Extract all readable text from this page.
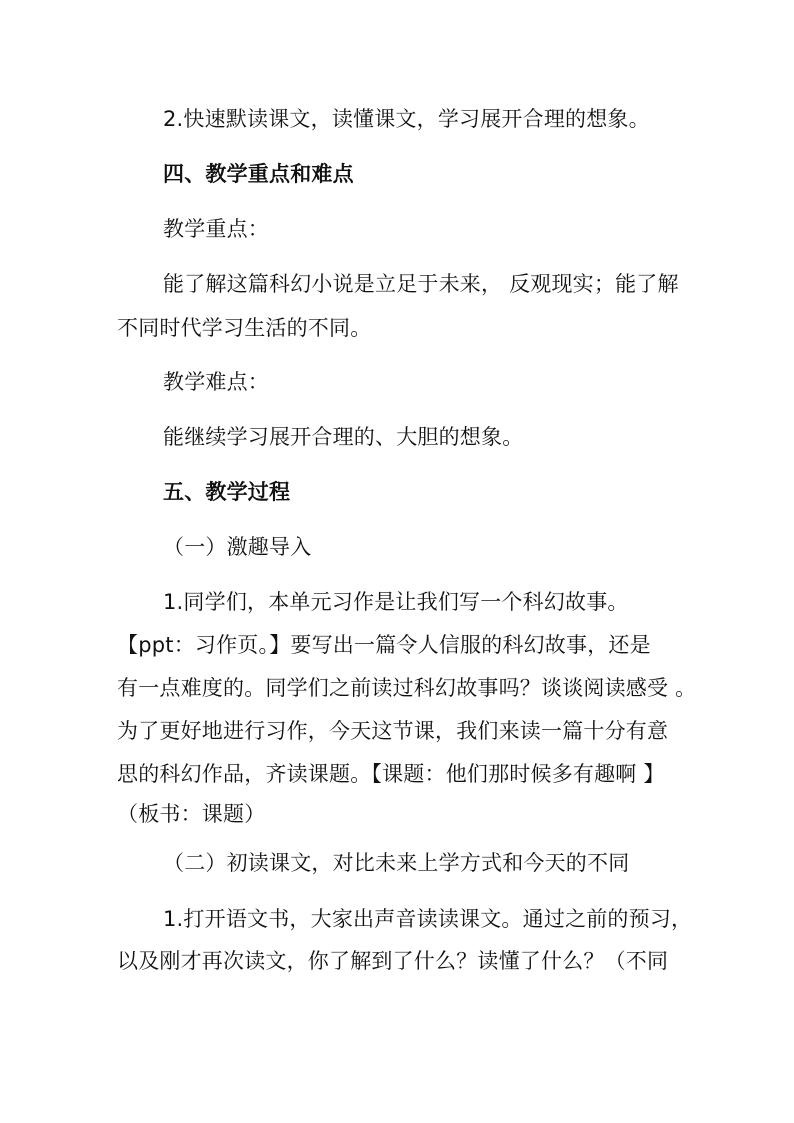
2.快速默读课文，读懂课文，学习展开合理的想象。
四、教学重点和难点
教学重点：
能了解这篇科幻小说是立足于未来， 反观现实；能了解
不同时代学习生活的不同。
教学难点：
能继续学习展开合理的、大胆的想象。
五、教学过程
（一）激趣导入
1.同学们，本单元习作是让我们写一个科幻故事。
【ppt：习作页。】要写出一篇令人信服的科幻故事，还是
有一点难度的。同学们之前读过科幻故事吗？谈谈阅读感受 。
为了更好地进行习作，今天这节课，我们来读一篇十分有意
思的科幻作品，齐读课题。【课题：他们那时候多有趣啊 】
（板书：课题）
（二）初读课文，对比未来上学方式和今天的不同
1.打开语文书，大家出声音读读课文。通过之前的预习，
以及刚才再次读文，你了解到了什么？读懂了什么？（不同
